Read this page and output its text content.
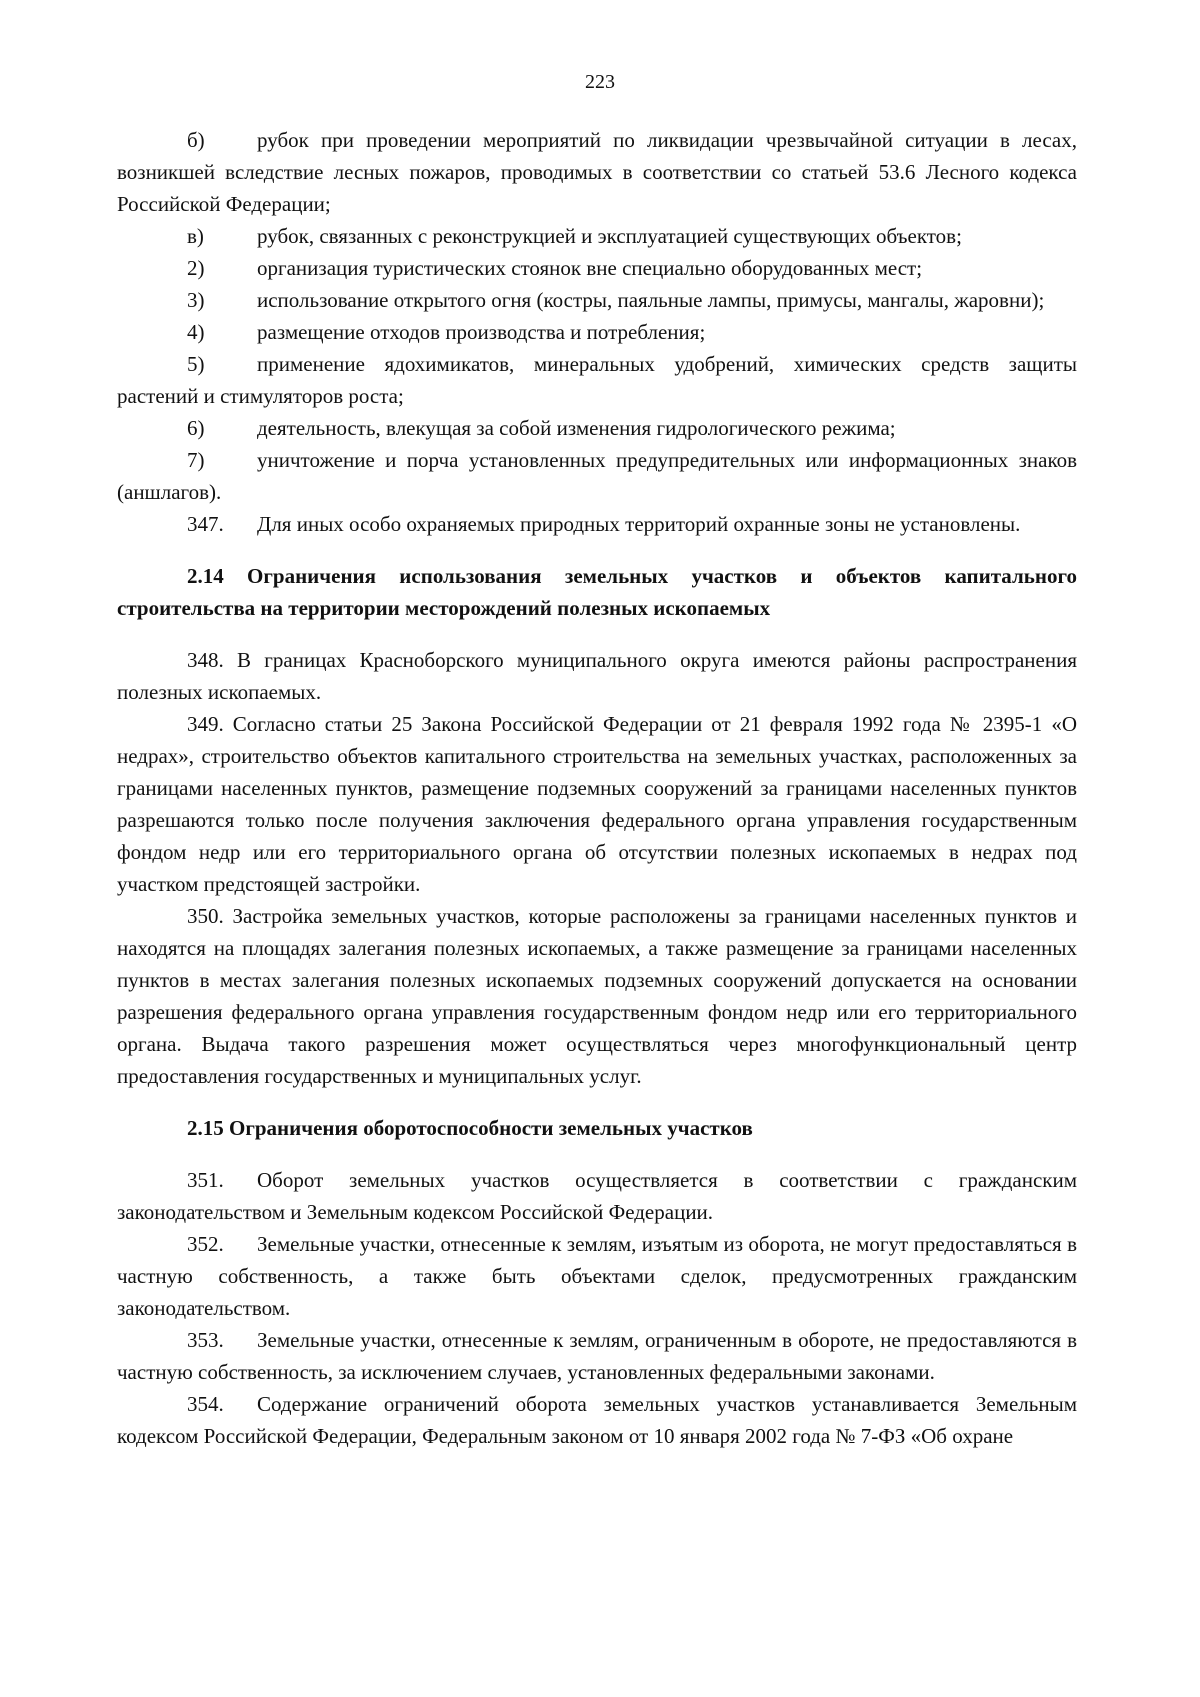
223

б) рубок при проведении мероприятий по ликвидации чрезвычайной ситуации в лесах, возникшей вследствие лесных пожаров, проводимых в соответствии со статьей 53.6 Лесного кодекса Российской Федерации;

в)	рубок, связанных с реконструкцией и эксплуатацией существующих объектов;

2)	организация туристических стоянок вне специально оборудованных мест;

3)	использование открытого огня (костры, паяльные лампы, примусы, мангалы, жаровни);

4)	размещение отходов производства и потребления;

5)	применение ядохимикатов, минеральных удобрений, химических средств защиты растений и стимуляторов роста;

6)	деятельность, влекущая за собой изменения гидрологического режима;

7)	уничтожение и порча установленных предупредительных или информационных знаков (аншлагов).

347. Для иных особо охраняемых природных территорий охранные зоны не установлены.

2.14 Ограничения использования земельных участков и объектов капитального строительства на территории месторождений полезных ископаемых

348. В границах Красноборского муниципального округа имеются районы распространения полезных ископаемых.

349. Согласно статьи 25 Закона Российской Федерации от 21 февраля 1992 года № 2395-1 «О недрах», строительство объектов капитального строительства на земельных участках, расположенных за границами населенных пунктов, размещение подземных сооружений за границами населенных пунктов разрешаются только после получения заключения федерального органа управления государственным фондом недр или его территориального органа об отсутствии полезных ископаемых в недрах под участком предстоящей застройки.

350. Застройка земельных участков, которые расположены за границами населенных пунктов и находятся на площадях залегания полезных ископаемых, а также размещение за границами населенных пунктов в местах залегания полезных ископаемых подземных сооружений допускается на основании разрешения федерального органа управления государственным фондом недр или его территориального органа. Выдача такого разрешения может осуществляться через многофункциональный центр предоставления государственных и муниципальных услуг.

2.15 Ограничения оборотоспособности земельных участков

351. Оборот земельных участков осуществляется в соответствии с гражданским законодательством и Земельным кодексом Российской Федерации.

352. Земельные участки, отнесенные к землям, изъятым из оборота, не могут предоставляться в частную собственность, а также быть объектами сделок, предусмотренных гражданским законодательством.

353. Земельные участки, отнесенные к землям, ограниченным в обороте, не предоставляются в частную собственность, за исключением случаев, установленных федеральными законами.

354. Содержание ограничений оборота земельных участков устанавливается Земельным кодексом Российской Федерации, Федеральным законом от 10 января 2002 года № 7-ФЗ «Об охране
